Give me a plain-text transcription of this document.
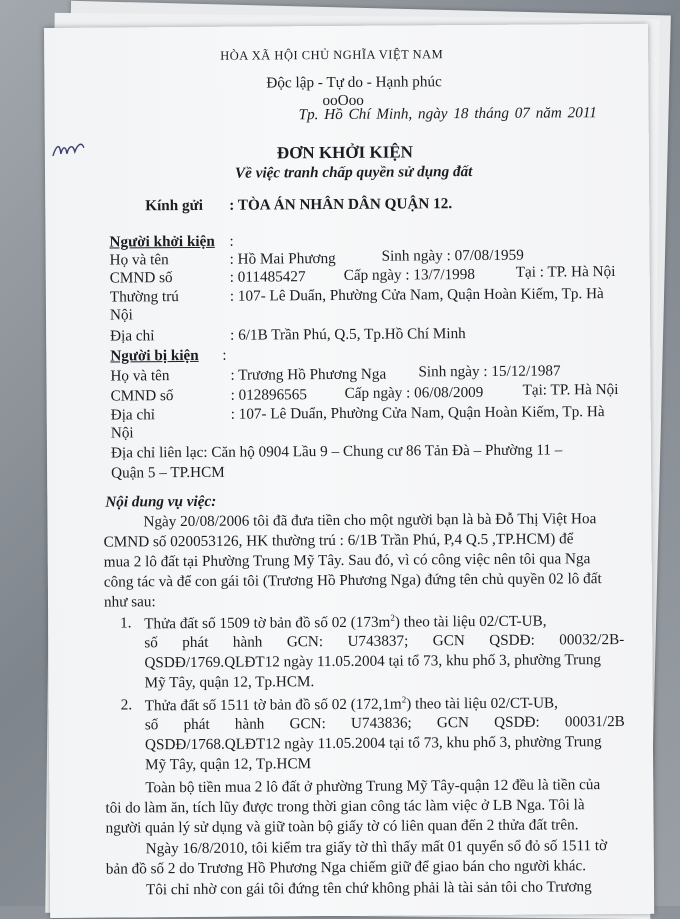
HÒA XÃ HỘI CHỦ NGHĨA VIỆT NAM
Độc lập - Tự do - Hạnh phúc
ooOoo
Tp. Hồ Chí Minh, ngày 18 tháng 07 năm 2011
ĐƠN KHỞI KIỆN
Về việc tranh chấp quyền sử dụng đất
Kính gửi : TÒA ÁN NHÂN DÂN QUẬN 12.
Người khởi kiện :
Họ và tên	: Hồ Mai Phương	Sinh ngày : 07/08/1959
CMND số	: 011485427	Cấp ngày : 13/7/1998	Tại : TP. Hà Nội
Thường trú	: 107- Lê Duẩn, Phường Cửa Nam, Quận Hoàn Kiếm, Tp. Hà
Nội
Địa chỉ	: 6/1B Trần Phú, Q.5, Tp.Hồ Chí Minh
Người bị kiện :
Họ và tên	: Trương Hồ Phương Nga Sinh ngày : 15/12/1987
CMND số	: 012896565 Cấp ngày : 06/08/2009	Tại: TP. Hà Nội
Địa chỉ	: 107- Lê Duẩn, Phường Cửa Nam, Quận Hoàn Kiếm, Tp. Hà
Nội
Địa chỉ liên lạc: Căn hộ 0904 Lầu 9 – Chung cư 86 Tản Đà – Phường 11 –
Quận 5 – TP.HCM
Nội dung vụ việc:
Ngày 20/08/2006 tôi đã đưa tiền cho một người bạn là bà Đỗ Thị Việt Hoa
CMND số 020053126, HK thường trú : 6/1B Trần Phú, P,4 Q.5 ,TP.HCM) để
mua 2 lô đất tại Phường Trung Mỹ Tây. Sau đó, vì có công việc nên tôi qua Nga
công tác và để con gái tôi (Trương Hồ Phương Nga) đứng tên chủ quyền 02 lô đất
như sau:
1. Thửa đất số 1509 tờ bản đồ số 02 $(173m^2)$ theo tài liệu 02/CT-UB,
số phát hành GCN: U743837; GCN QSDĐ: 00032/2B-
QSDĐ/1769.QLĐT12 ngày 11.05.2004 tại tổ 73, khu phố 3, phường Trung
Mỹ Tây, quận 12, Tp.HCM.
2. Thửa đất số 1511 tờ bản đồ số 02 $(172,1m^2)$ theo tài liệu 02/CT-UB,
số phát hành GCN: U743836; GCN QSDĐ: 00031/2B
QSDĐ/1768.QLĐT12 ngày 11.05.2004 tại tổ 73, khu phố 3, phường Trung
Mỹ Tây, quận 12, Tp.HCM
Toàn bộ tiền mua 2 lô đất ở phường Trung Mỹ Tây-quận 12 đều là tiền của
tôi do làm ăn, tích lũy được trong thời gian công tác làm việc ở LB Nga. Tôi là
người quản lý sử dụng và giữ toàn bộ giấy tờ có liên quan đến 2 thửa đất trên.
Ngày 16/8/2010, tôi kiểm tra giấy tờ thì thấy mất 01 quyển sổ đỏ số 1511 tờ
bản đồ số 2 do Trương Hồ Phương Nga chiếm giữ để giao bán cho người khác.
Tôi chỉ nhờ con gái tôi đứng tên chứ không phải là tài sản tôi cho Trương
